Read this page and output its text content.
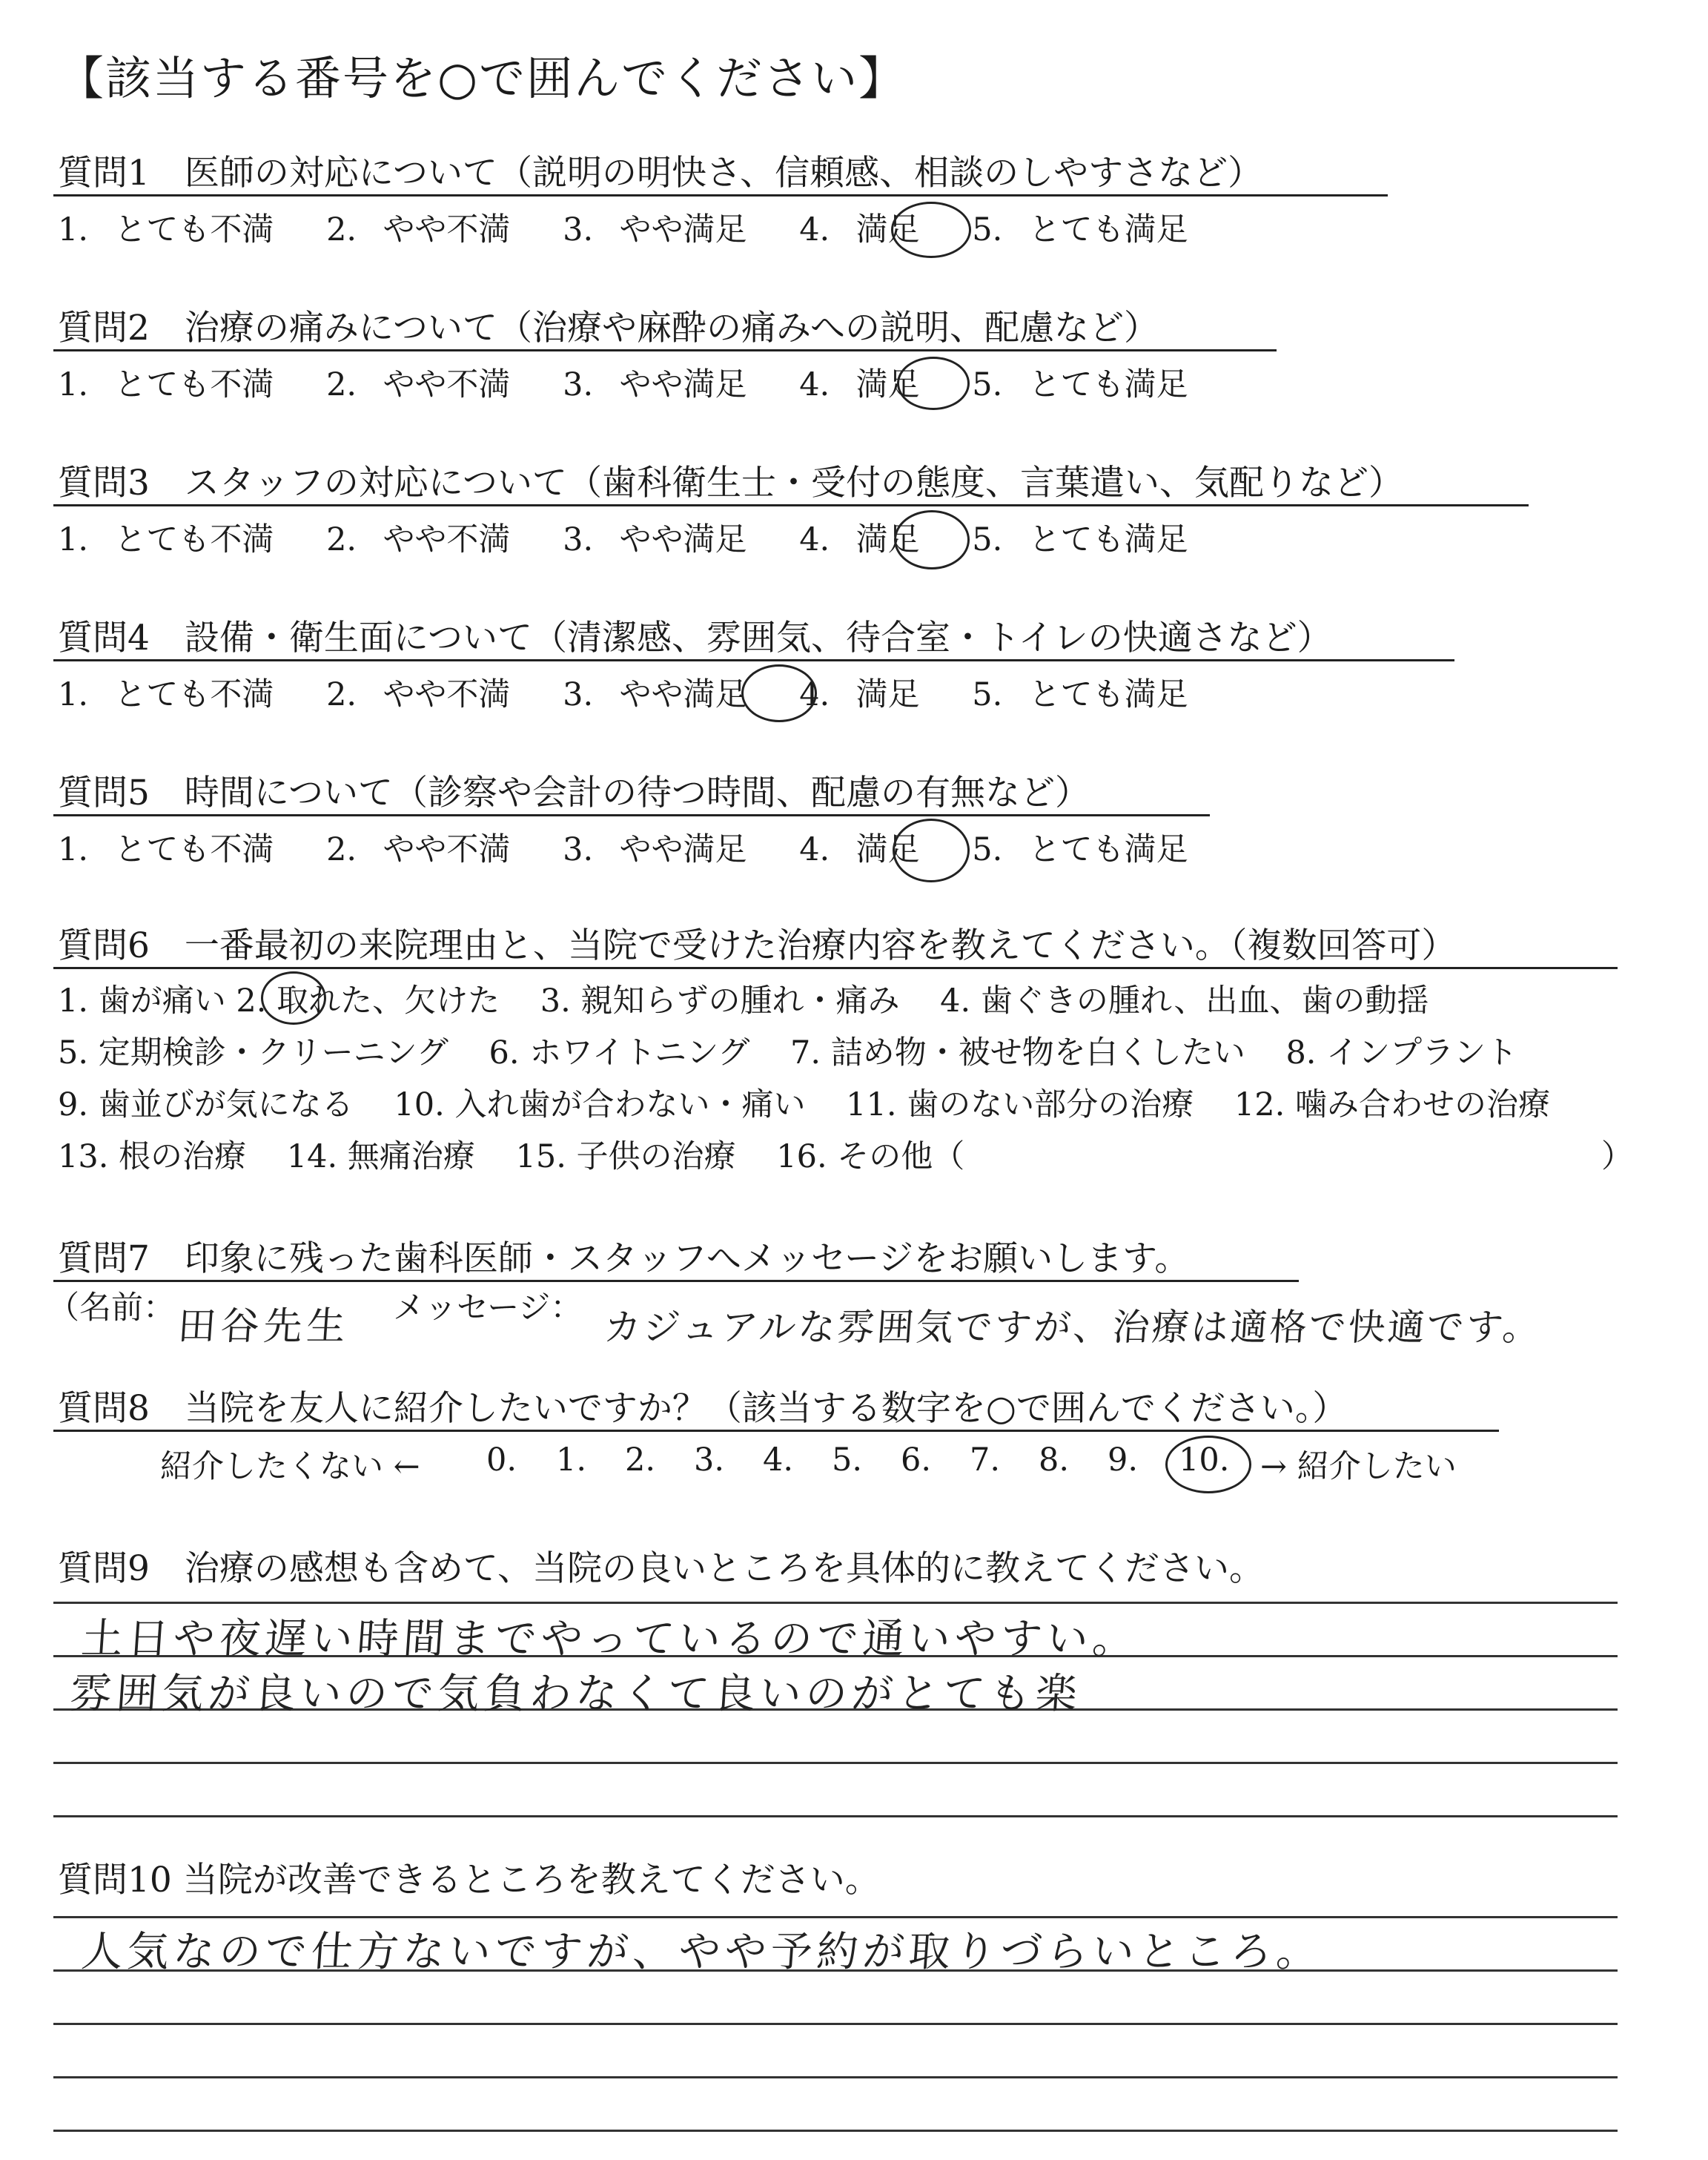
【該当する番号を○で囲んでください】
質問1　医師の対応について（説明の明快さ、信頼感、相談のしやすさなど）
1. とても不満 2. やや不満 3. やや満足 4. 満足 5. とても満足
質問2　治療の痛みについて（治療や麻酔の痛みへの説明、配慮など）
1. とても不満 2. やや不満 3. やや満足 4. 満足 5. とても満足
質問3　スタッフの対応について（歯科衛生士・受付の態度、言葉遣い、気配りなど）
1. とても不満 2. やや不満 3. やや満足 4. 満足 5. とても満足
質問4　設備・衛生面について（清潔感、雰囲気、待合室・トイレの快適さなど）
1. とても不満 2. やや不満 3. やや満足 4. 満足 5. とても満足
質問5　時間について（診察や会計の待つ時間、配慮の有無など）
1. とても不満 2. やや不満 3. やや満足 4. 満足 5. とても満足
質問6　一番最初の来院理由と、当院で受けた治療内容を教えてください。（複数回答可）
1. 歯が痛い 2. 取れた、欠けた 3. 親知らずの腫れ・痛み 4. 歯ぐきの腫れ、出血、歯の動揺
5. 定期検診・クリーニング 6. ホワイトニング 7. 詰め物・被せ物を白くしたい 8. インプラント
9. 歯並びが気になる 10. 入れ歯が合わない・痛い 11. 歯のない部分の治療 12. 噛み合わせの治療
13. 根の治療 14. 無痛治療 15. 子供の治療 16. その他（	）
質問7　印象に残った歯科医師・スタッフへメッセージをお願いします。
（名前： 田谷先生 メッセージ： カジュアルな雰囲気ですが、治療は適格で快適です。
質問8　当院を友人に紹介したいですか？（該当する数字を○で囲んでください。）
紹介したくない ← 0. 1. 2. 3. 4. 5. 6. 7. 8. 9. 10. → 紹介したい
質問9　治療の感想も含めて、当院の良いところを具体的に教えてください。
土日や夜遅い時間までやっているので通いやすい。
雰囲気が良いので気負わなくて良いのがとても楽
質問10 当院が改善できるところを教えてください。
人気なので仕方ないですが、やや予約が取りづらいところ。
